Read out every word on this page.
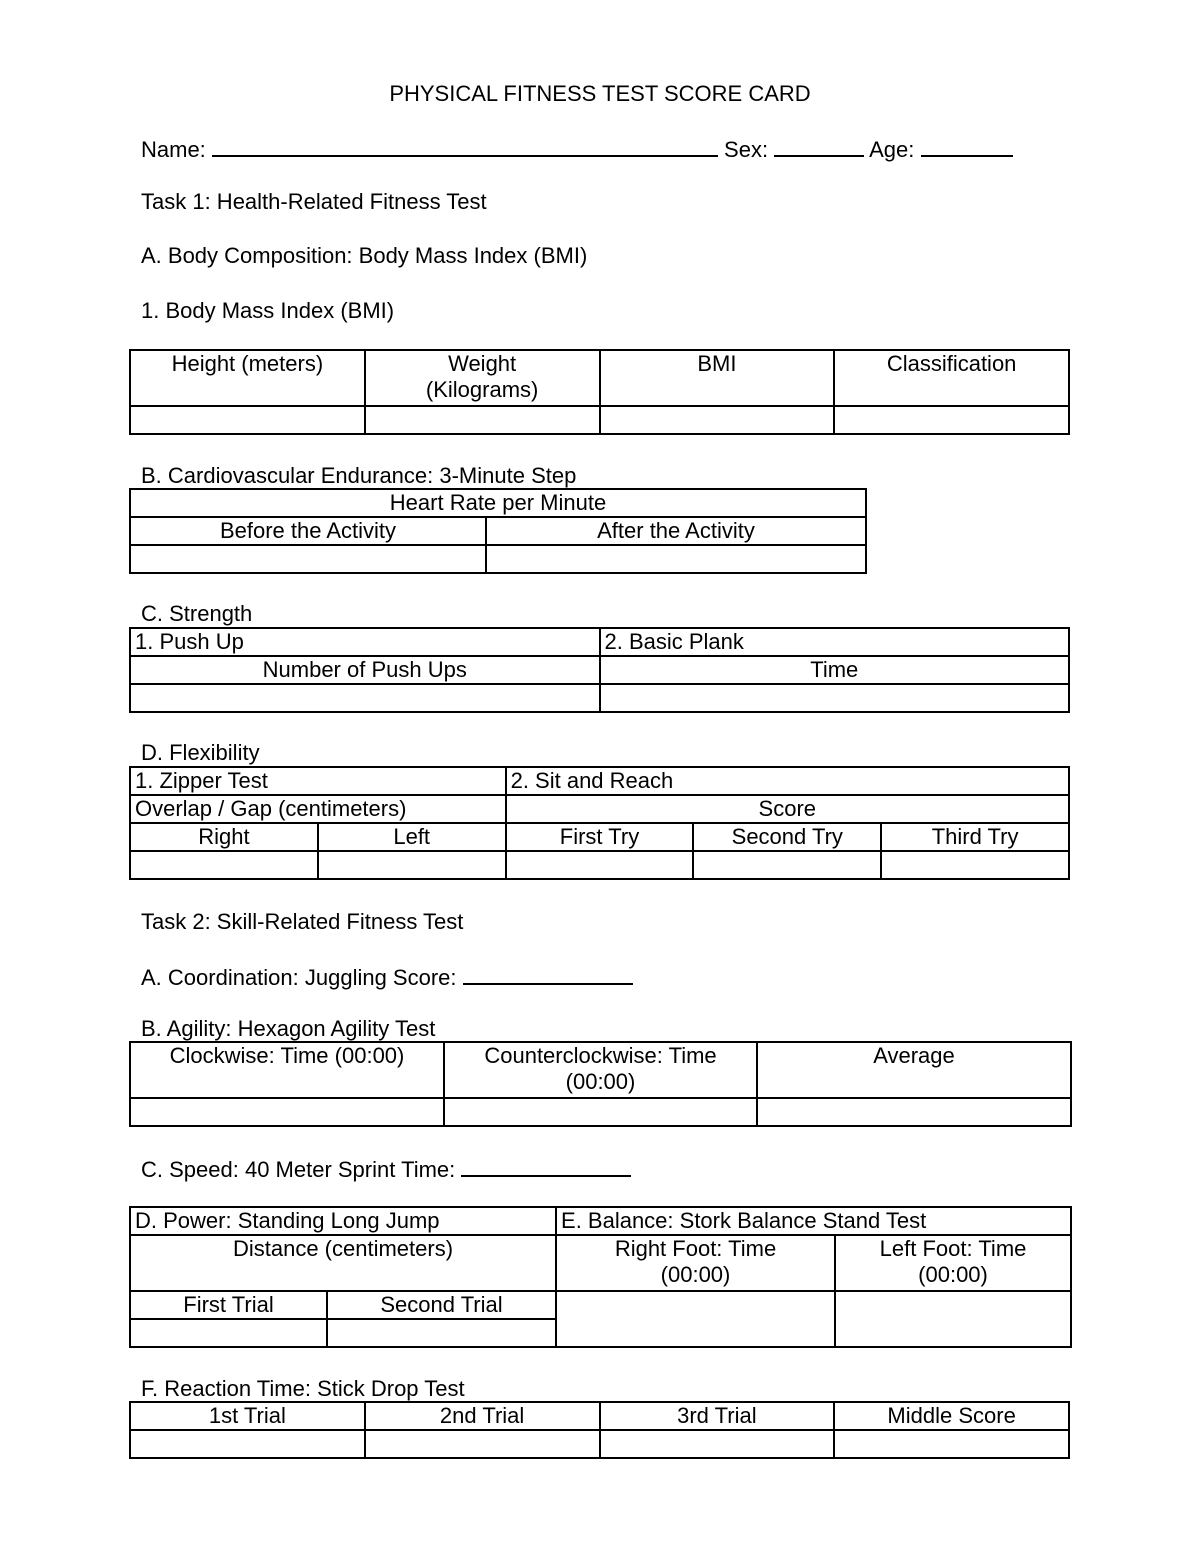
PHYSICAL FITNESS TEST SCORE CARD
Name:	Sex:	Age:
Task 1: Health-Related Fitness Test
A. Body Composition: Body Mass Index (BMI)
1. Body Mass Index (BMI)
Height (meters)	Weight (Kilograms)	BMI	Classification

B. Cardiovascular Endurance: 3-Minute Step
Heart Rate per Minute	
Before the Activity	After the Activity

C. Strength
1. Push Up	2. Basic Plank
Number of Push Ups	Time

D. Flexibility
1. Zipper Test		2. Sit and Reach		
Overlap / Gap (centimeters)		Score		
Right	Left	First Try	Second Try	Third Try

Task 2: Skill-Related Fitness Test
A. Coordination: Juggling Score:
B. Agility: Hexagon Agility Test
Clockwise: Time (00:00)	Counterclockwise: Time (00:00)	Average

C. Speed: 40 Meter Sprint Time:
D. Power: Standing Long Jump		E. Balance: Stork Balance Stand Test	
Distance (centimeters)		Right Foot: Time (00:00)	Left Foot: Time (00:00)
First Trial	Second Trial		

F. Reaction Time: Stick Drop Test
1st Trial	2nd Trial	3rd Trial	Middle Score
